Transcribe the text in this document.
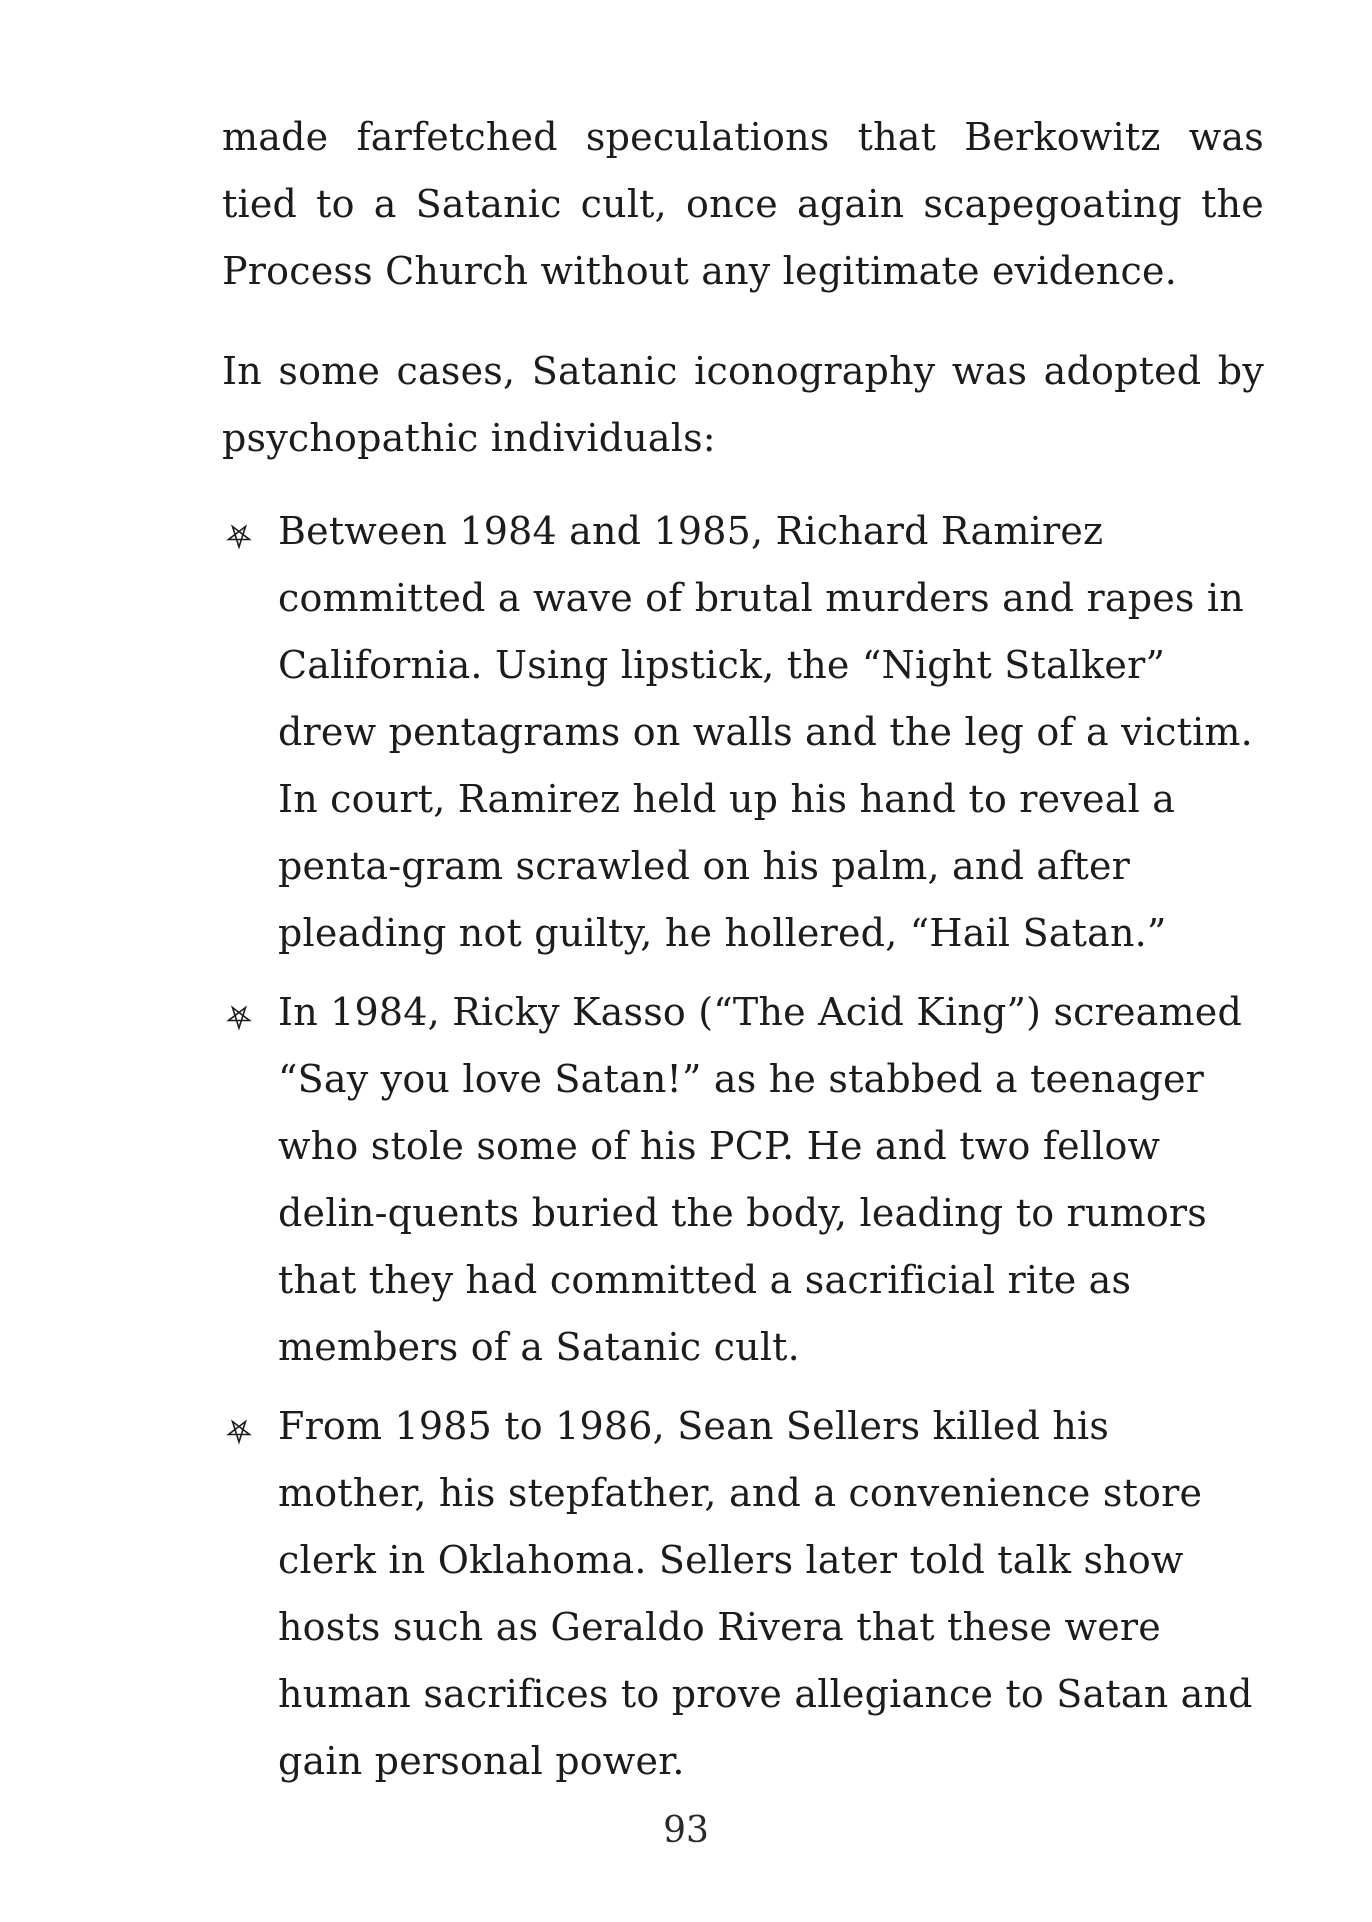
made farfetched speculations that Berkowitz was tied to a Satanic cult, once again scapegoating the Process Church without any legitimate evidence.

In some cases, Satanic iconography was adopted by psychopathic individuals:

Between 1984 and 1985, Richard Ramirez committed a wave of brutal murders and rapes in California. Using lipstick, the “Night Stalker” drew pentagrams on walls and the leg of a victim. In court, Ramirez held up his hand to reveal a penta-gram scrawled on his palm, and after pleading not guilty, he hollered, “Hail Satan.”
In 1984, Ricky Kasso (“The Acid King”) screamed “Say you love Satan!” as he stabbed a teenager who stole some of his PCP. He and two fellow delin-quents buried the body, leading to rumors that they had committed a sacrificial rite as members of a Satanic cult.
From 1985 to 1986, Sean Sellers killed his mother, his stepfather, and a convenience store clerk in Oklahoma. Sellers later told talk show hosts such as Geraldo Rivera that these were human sacrifices to prove allegiance to Satan and gain personal power.
93
